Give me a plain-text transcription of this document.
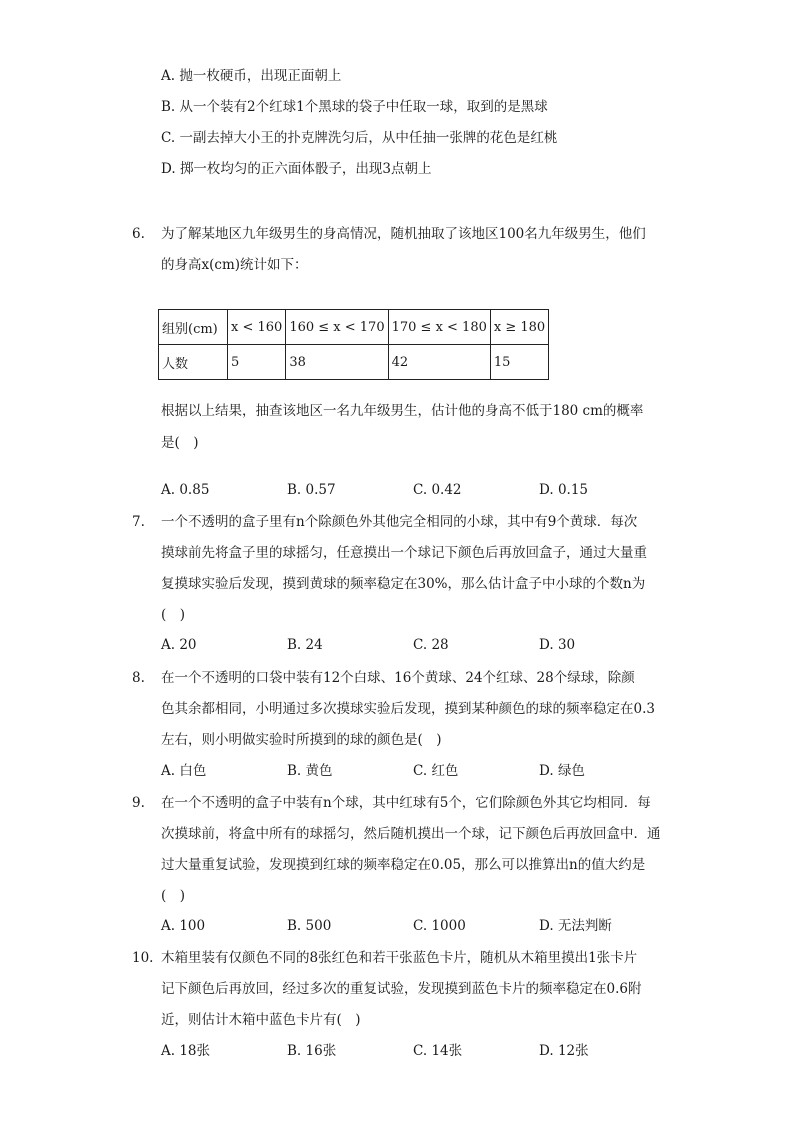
A. 抛一枚硬币，出现正面朝上
B. 从一个装有2个红球1个黑球的袋子中任取一球，取到的是黑球
C. 一副去掉大小王的扑克牌洗匀后，从中任抽一张牌的花色是红桃
D. 掷一枚均匀的正六面体骰子，出现3点朝上
6. 为了解某地区九年级男生的身高情况，随机抽取了该地区100名九年级男生，他们
的身高x(cm)统计如下：
组别(cm)	x < 160	160 ≤ x < 170	170 ≤ x < 180	x ≥ 180
人数	5	38	42	15
根据以上结果，抽查该地区一名九年级男生，估计他的身高不低于180 cm的概率
是(　)
A. 0.85	B. 0.57	C. 0.42	D. 0.15
7. 一个不透明的盒子里有n个除颜色外其他完全相同的小球，其中有9个黄球．每次
摸球前先将盒子里的球摇匀，任意摸出一个球记下颜色后再放回盒子，通过大量重
复摸球实验后发现，摸到黄球的频率稳定在30%，那么估计盒子中小球的个数n为
(　)
A. 20	B. 24	C. 28	D. 30
8. 在一个不透明的口袋中装有12个白球、16个黄球、24个红球、28个绿球，除颜
色其余都相同，小明通过多次摸球实验后发现，摸到某种颜色的球的频率稳定在0.3
左右，则小明做实验时所摸到的球的颜色是(　)
A. 白色	B. 黄色	C. 红色	D. 绿色
9. 在一个不透明的盒子中装有n个球，其中红球有5个，它们除颜色外其它均相同．每
次摸球前，将盒中所有的球摇匀，然后随机摸出一个球，记下颜色后再放回盒中．通
过大量重复试验，发现摸到红球的频率稳定在0.05，那么可以推算出n的值大约是
(　)
A. 100	B. 500	C. 1000	D. 无法判断
10. 木箱里装有仅颜色不同的8张红色和若干张蓝色卡片，随机从木箱里摸出1张卡片
记下颜色后再放回，经过多次的重复试验，发现摸到蓝色卡片的频率稳定在0.6附
近，则估计木箱中蓝色卡片有(　)
A. 18张	B. 16张	C. 14张	D. 12张
